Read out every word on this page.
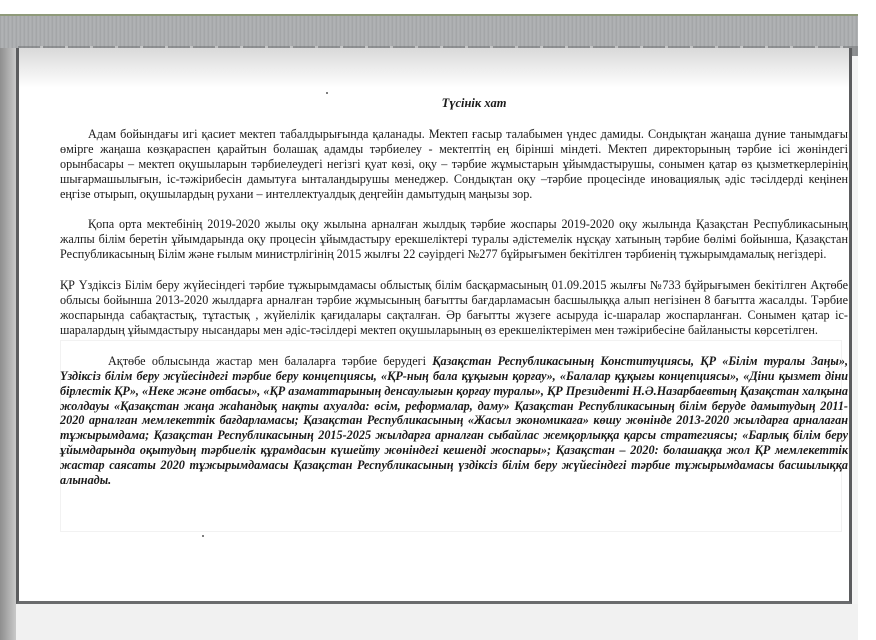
Түсінік хат

Адам бойындағы игі қасиет мектеп табалдырығында қаланады. Мектеп ғасыр талабымен үндес дамиды. Сондықтан жаңаша дүние танымдағы өмірге жаңаша көзқараспен қарайтын болашақ адамды тәрбиелеу - мектептің ең бірінші міндеті. Мектеп директорының тәрбие ісі жөніндегі орынбасары – мектеп оқушыларын тәрбиелеудегі негізгі қуат көзі, оқу – тәрбие жұмыстарын ұйымдастырушы, сонымен қатар өз қызметкерлерінің шығармашылығын, іс-тәжірибесін дамытуға ынталандырушы менеджер. Сондықтан оқу –тәрбие процесінде иновациялық әдіс тәсілдерді кеңінен еңгізе отырып, оқушылардың рухани – интеллектуалдық деңгейін дамытудың маңызы зор.

Қопа орта мектебінің 2019-2020 жылы оқу жылына арналған жылдық тәрбие жоспары 2019-2020 оқу жылында Қазақстан Республикасының жалпы білім беретін ұйымдарында оқу процесін ұйымдастыру ерекшеліктері туралы әдістемелік нұсқау хатының тәрбие бөлімі бойынша, Қазақстан Республикасының Білім және ғылым министрлігінің 2015 жылғы 22 сәуірдегі №277 бұйрығымен бекітілген тәрбиенің тұжырымдамалық негіздері.

ҚР Үздіксіз Білім беру жүйесіндегі тәрбие тұжырымдамасы облыстық білім басқармасының 01.09.2015 жылғы №733 бұйрығымен бекітілген Ақтөбе облысы бойынша 2013-2020 жылдарға арналған тәрбие жұмысының бағытты бағдарламасын басшылыққа алып негізінен 8 бағытта жасалды. Тәрбие жоспарында сабақтастық, тұтастық , жүйелілік қағидалары сақталған. Әр бағытты жүзеге асыруда іс-шаралар жоспарланған. Сонымен қатар іс-шаралардың ұйымдастыру нысандары мен әдіс-тәсілдері мектеп оқушыларының өз ерекшеліктерімен мен тәжірибесіне байланысты көрсетілген.

Ақтөбе облысында жастар мен балаларға тәрбие берудегі Қазақстан Республикасының Конституциясы, ҚР «Білім туралы Заңы», Үздіксіз білім беру жүйесіндегі тәрбие беру концепциясы, «ҚР-ның бала құқығын қорғау», «Балалар құқығы концепциясы», «Діни қызмет діни бірлестік ҚР», «Неке және отбасы», «ҚР азаматтарының денсаулығын қорғау туралы», ҚР Президенті Н.Ә.Назарбаевтың Қазақстан халқына жолдауы «Қазақстан жаңа жаһандық нақты ахуалда: өсім, реформалар, даму» Қазақстан Республикасының білім беруде дамытудың 2011-2020 арналған мемлекеттік бағдарламасы; Қазақстан Республикасының «Жасыл экономикаға» көшу жөнінде 2013-2020 жылдарға арналаған тұжырымдама; Қазақстан Республикасының 2015-2025 жылдарға арналған сыбайлас жемқорлыққа қарсы стратегиясы; «Барлық білім беру ұйымдарында оқытудың тәрбиелік құрамдасын күшейту жөніндегі кешенді жоспары»; Қазақстан – 2020: болашаққа жол ҚР мемлекеттік жастар саясаты 2020 тұжырымдамасы Қазақстан Республикасының үздіксіз білім беру жүйесіндегі тәрбие тұжырымдамасы басшылыққа алынады.
